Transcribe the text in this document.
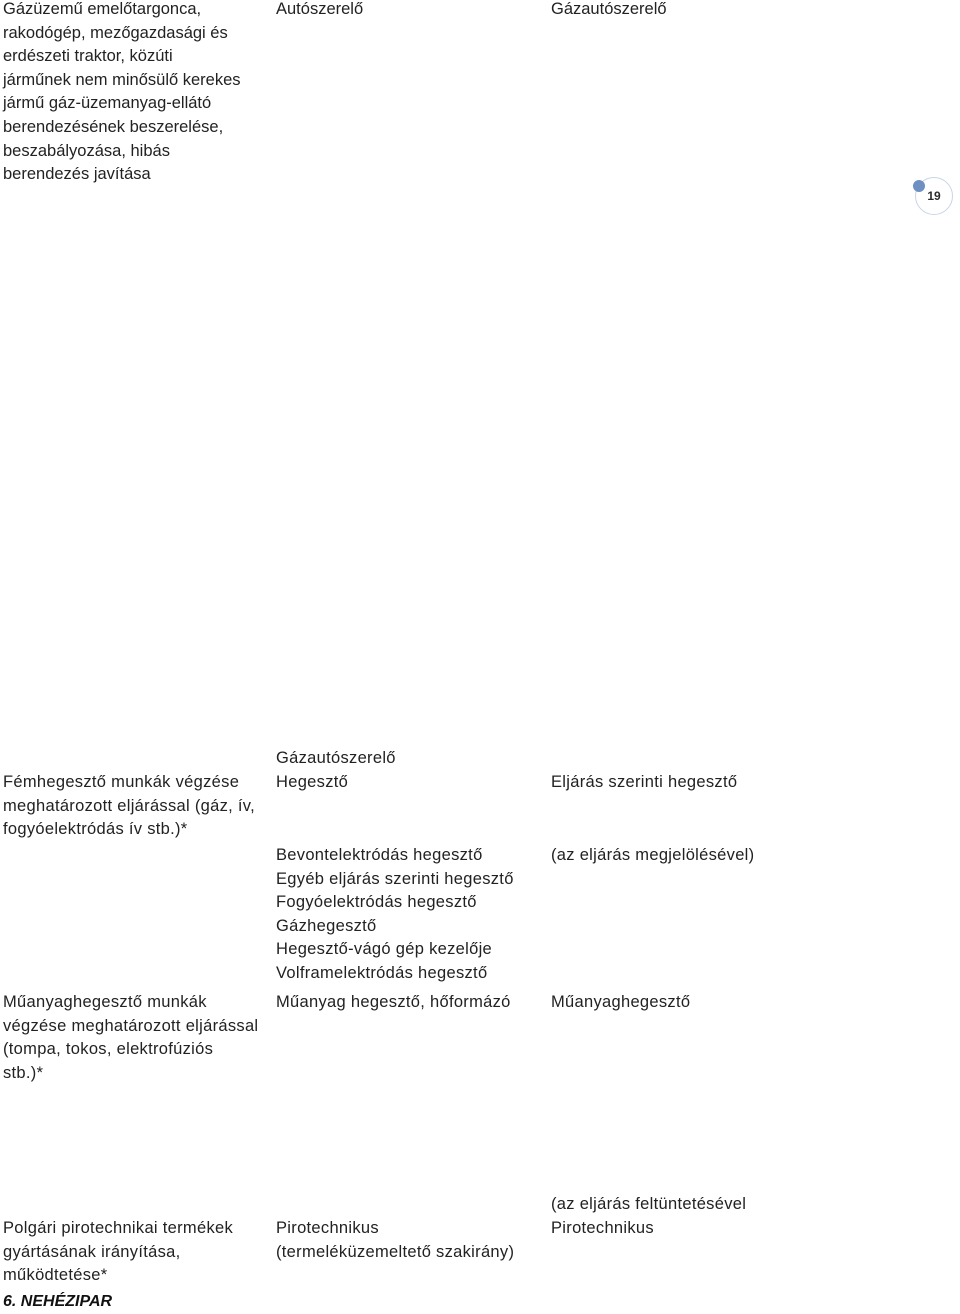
Gázüzemű emelőtargonca,
rakodógép, mezőgazdasági és
erdészeti traktor, közúti
járműnek nem minősülő kerekes
jármű gáz-üzemanyag-ellátó
berendezésének beszerelése,
beszabályozása, hibás
berendezés javítása
Autószerelő	Gázautószerelő
19
Fémhegesztő munkák végzése
meghatározott eljárással (gáz, ív,
fogyóelektródás ív stb.)*
Gázautószerelő
Hegesztő	Eljárás szerinti hegesztő
Bevontelektródás hegesztő
Egyéb eljárás szerinti hegesztő
Fogyóelektródás hegesztő
Gázhegesztő
Hegesztő-vágó gép kezelője
Volframelektródás hegesztő
(az eljárás megjelölésével)
Műanyaghegesztő munkák
végzése meghatározott eljárással
(tompa, tokos, elektrofúziós
stb.)*
Műanyag hegesztő, hőformázó Műanyaghegesztő
Polgári pirotechnikai termékek
gyártásának irányítása,
működtetése*
Pirotechnikus
(termeléküzemeltető szakirány)
(az eljárás feltüntetésével
Pirotechnikus
6. NEHÉZIPAR
